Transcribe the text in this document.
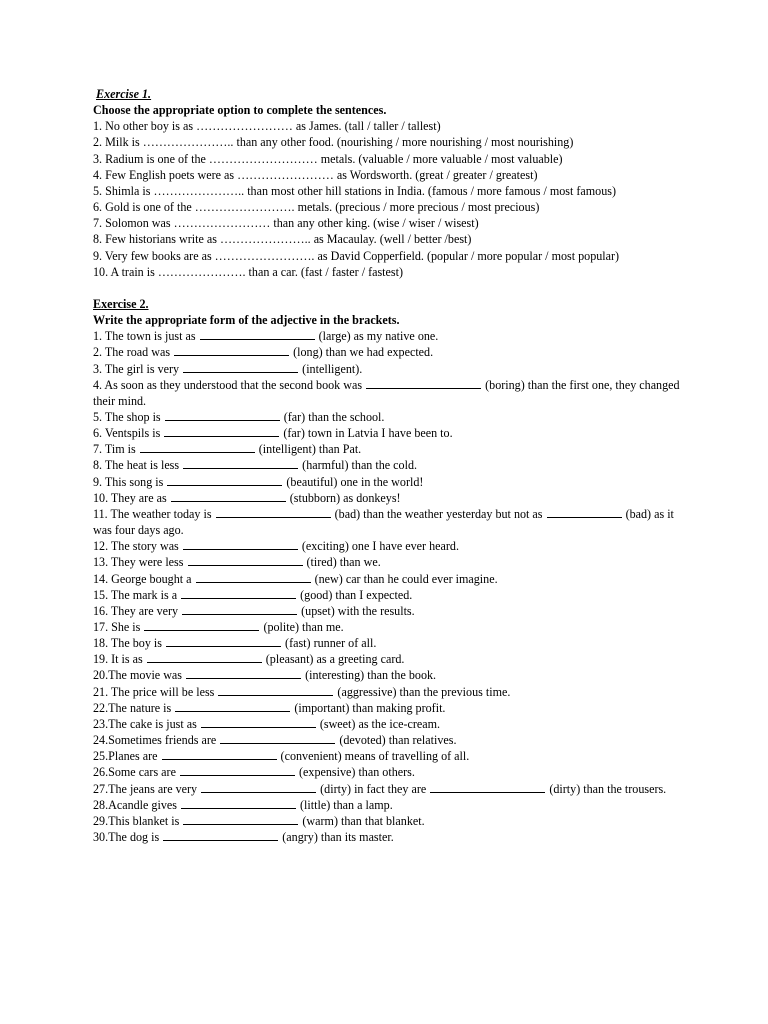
Exercise 1.
Choose the appropriate option to complete the sentences.
1. No other boy is as …………………… as James. (tall / taller / tallest)
2. Milk is ………………….. than any other food. (nourishing / more nourishing / most nourishing)
3. Radium is one of the ……………………… metals. (valuable / more valuable / most valuable)
4. Few English poets were as …………………… as Wordsworth. (great / greater / greatest)
5. Shimla is ………………….. than most other hill stations in India. (famous / more famous / most famous)
6. Gold is one of the ……………………. metals. (precious / more precious / most precious)
7. Solomon was …………………… than any other king. (wise / wiser / wisest)
8. Few historians write as ………………….. as Macaulay. (well / better /best)
9. Very few books are as ……………………. as David Copperfield. (popular / more popular / most popular)
10. A train is …………………. than a car. (fast / faster / fastest)
Exercise 2.
Write the appropriate form of the adjective in the brackets.
1. The town is just as	(large) as my native one.
2. The road was	(long) than we had expected.
3. The girl is very	(intelligent).
4. As soon as they understood that the second book was	(boring) than the first one, they changed their mind.
5. The shop is	(far) than the school.
6. Ventspils is	(far) town in Latvia I have been to.
7. Tim is	(intelligent) than Pat.
8. The heat is less	(harmful) than the cold.
9. This song is	(beautiful) one in the world!
10. They are as	(stubborn) as donkeys!
11. The weather today is	(bad) than the weather yesterday but not as	(bad) as it was four days ago.
12. The story was	(exciting) one I have ever heard.
13. They were less	(tired) than we.
14. George bought a	(new) car than he could ever imagine.
15. The mark is a	(good) than I expected.
16. They are very	(upset) with the results.
17. She is	(polite) than me.
18. The boy is	(fast) runner of all.
19. It is as	(pleasant) as a greeting card.
20.The movie was	(interesting) than the book.
21. The price will be less	(aggressive) than the previous time.
22.The nature is	(important) than making profit.
23.The cake is just as	(sweet) as the ice-cream.
24.Sometimes friends are	(devoted) than relatives.
25.Planes are	(convenient) means of travelling of all.
26.Some cars are	(expensive) than others.
27.The jeans are very	(dirty) in fact they are	(dirty) than the trousers.
28.Acandle gives	(little) than a lamp.
29.This blanket is	(warm) than that blanket.
30.The dog is	(angry) than its master.
